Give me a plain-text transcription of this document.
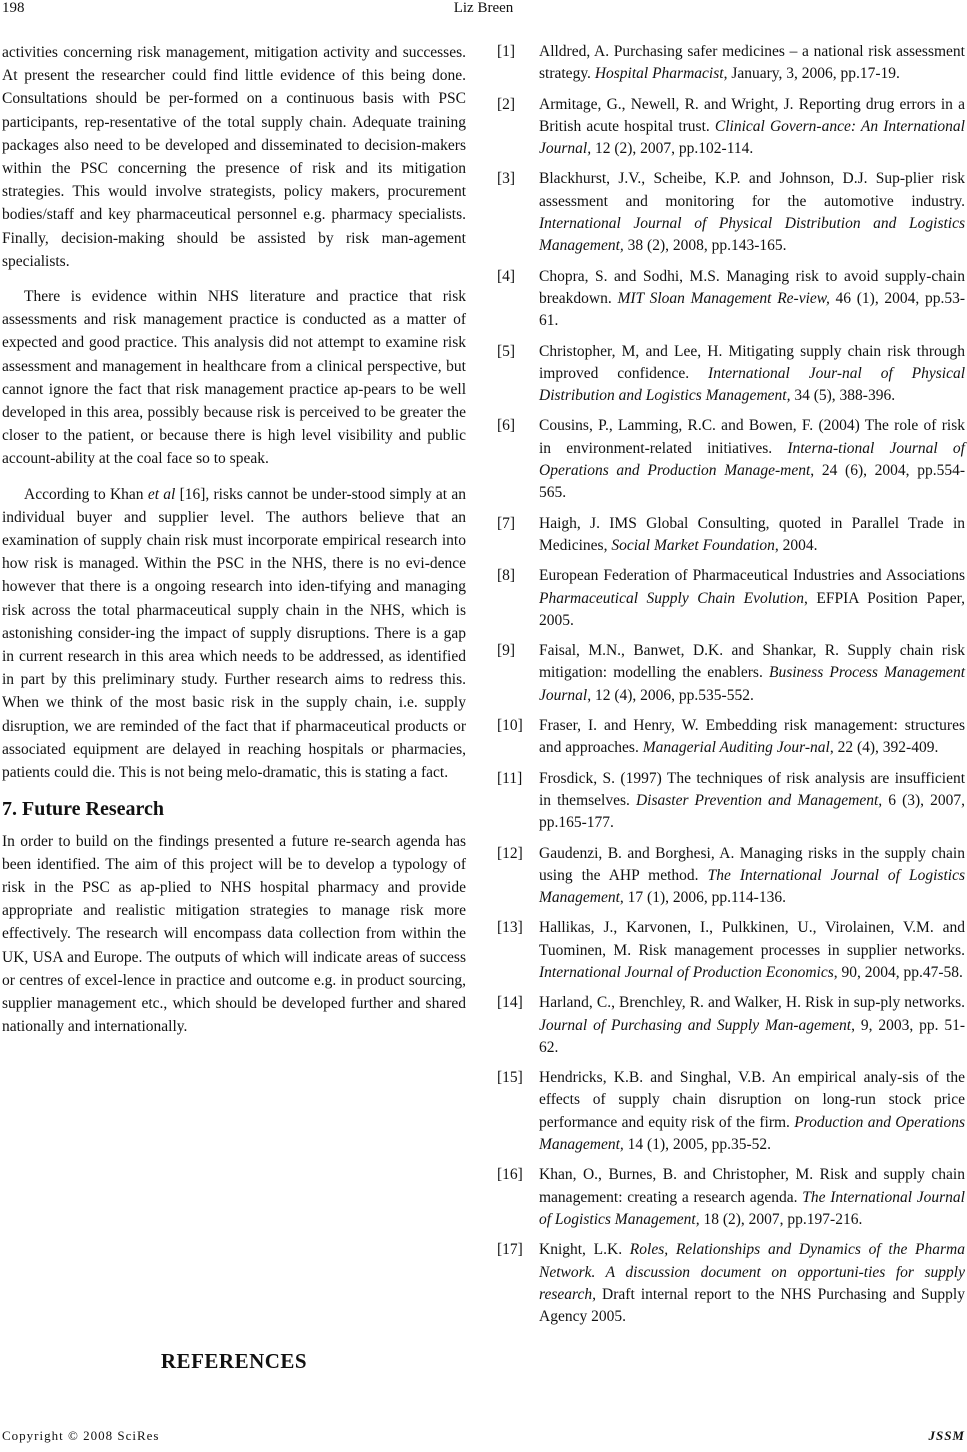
198	Liz Breen

activities concerning risk management, mitigation activity and successes. At present the researcher could find little evidence of this being done. Consultations should be per-formed on a continuous basis with PSC participants, rep-resentative of the total supply chain. Adequate training packages also need to be developed and disseminated to decision-makers within the PSC concerning the presence of risk and its mitigation strategies. This would involve strategists, policy makers, procurement bodies/staff and key pharmaceutical personnel e.g. pharmacy specialists. Finally, decision-making should be assisted by risk man-agement specialists.

There is evidence within NHS literature and practice that risk assessments and risk management practice is conducted as a matter of expected and good practice. This analysis did not attempt to examine risk assessment and management in healthcare from a clinical perspective, but cannot ignore the fact that risk management practice ap-pears to be well developed in this area, possibly because risk is perceived to be greater the closer to the patient, or because there is high level visibility and public account-ability at the coal face so to speak.

According to Khan et al [16], risks cannot be under-stood simply at an individual buyer and supplier level. The authors believe that an examination of supply chain risk must incorporate empirical research into how risk is managed. Within the PSC in the NHS, there is no evi-dence however that there is a ongoing research into iden-tifying and managing risk across the total pharmaceutical supply chain in the NHS, which is astonishing consider-ing the impact of supply disruptions. There is a gap in current research in this area which needs to be addressed, as identified in part by this preliminary study. Further research aims to redress this. When we think of the most basic risk in the supply chain, i.e. supply disruption, we are reminded of the fact that if pharmaceutical products or associated equipment are delayed in reaching hospitals or pharmacies, patients could die. This is not being melo-dramatic, this is stating a fact.

7. Future Research

In order to build on the findings presented a future re-search agenda has been identified. The aim of this project will be to develop a typology of risk in the PSC as ap-plied to NHS hospital pharmacy and provide appropriate and realistic mitigation strategies to manage risk more effectively. The research will encompass data collection from within the UK, USA and Europe. The outputs of which will indicate areas of success or centres of excel-lence in practice and outcome e.g. in product sourcing, supplier management etc., which should be developed further and shared nationally and internationally.

REFERENCES
[1] Alldred, A. Purchasing safer medicines – a national risk assessment strategy. Hospital Pharmacist, January, 3, 2006, pp.17-19.
[2] Armitage, G., Newell, R. and Wright, J. Reporting drug errors in a British acute hospital trust. Clinical Govern-ance: An International Journal, 12 (2), 2007, pp.102-114.
[3] Blackhurst, J.V., Scheibe, K.P. and Johnson, D.J. Sup-plier risk assessment and monitoring for the automotive industry. International Journal of Physical Distribution and Logistics Management, 38 (2), 2008, pp.143-165.
[4] Chopra, S. and Sodhi, M.S. Managing risk to avoid supply-chain breakdown. MIT Sloan Management Re-view, 46 (1), 2004, pp.53-61.
[5] Christopher, M, and Lee, H. Mitigating supply chain risk through improved confidence. International Jour-nal of Physical Distribution and Logistics Management, 34 (5), 388-396.
[6] Cousins, P., Lamming, R.C. and Bowen, F. (2004) The role of risk in environment-related initiatives. Interna-tional Journal of Operations and Production Manage-ment, 24 (6), 2004, pp.554-565.
[7] Haigh, J. IMS Global Consulting, quoted in Parallel Trade in Medicines, Social Market Foundation, 2004.
[8] European Federation of Pharmaceutical Industries and Associations Pharmaceutical Supply Chain Evolution, EFPIA Position Paper, 2005.
[9] Faisal, M.N., Banwet, D.K. and Shankar, R. Supply chain risk mitigation: modelling the enablers. Business Process Management Journal, 12 (4), 2006, pp.535-552.
[10] Fraser, I. and Henry, W. Embedding risk management: structures and approaches. Managerial Auditing Jour-nal, 22 (4), 392-409.
[11] Frosdick, S. (1997) The techniques of risk analysis are insufficient in themselves. Disaster Prevention and Management, 6 (3), 2007, pp.165-177.
[12] Gaudenzi, B. and Borghesi, A. Managing risks in the supply chain using the AHP method. The International Journal of Logistics Management, 17 (1), 2006, pp.114-136.
[13] Hallikas, J., Karvonen, I., Pulkkinen, U., Virolainen, V.M. and Tuominen, M. Risk management processes in supplier networks. International Journal of Production Economics, 90, 2004, pp.47-58.
[14] Harland, C., Brenchley, R. and Walker, H. Risk in sup-ply networks. Journal of Purchasing and Supply Man-agement, 9, 2003, pp. 51-62.
[15] Hendricks, K.B. and Singhal, V.B. An empirical analy-sis of the effects of supply chain disruption on long-run stock price performance and equity risk of the firm. Production and Operations Management, 14 (1), 2005, pp.35-52.
[16] Khan, O., Burnes, B. and Christopher, M. Risk and supply chain management: creating a research agenda. The International Journal of Logistics Management, 18 (2), 2007, pp.197-216.
[17] Knight, L.K. Roles, Relationships and Dynamics of the Pharma Network. A discussion document on opportuni-ties for supply research, Draft internal report to the NHS Purchasing and Supply Agency 2005.
Copyright © 2008 SciRes	JSSM
